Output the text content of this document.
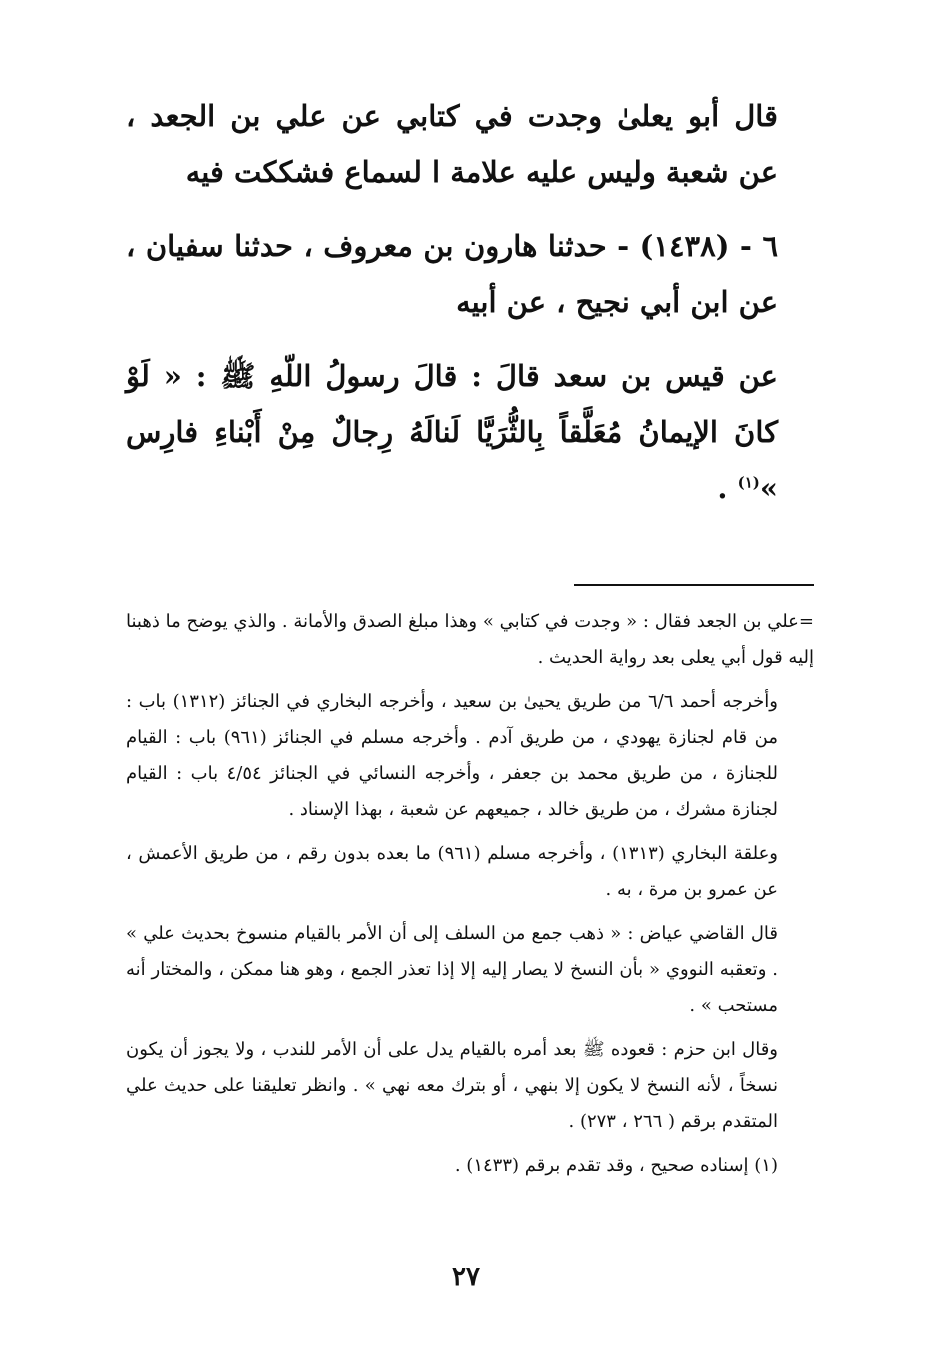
قال أبو يعلىٰ وجدت في كتابي عن علي بن الجعد ، عن شعبة وليس عليه علامة ا لسماع فشككت فيه
٦ - (١٤٣٨) - حدثنا هارون بن معروف ، حدثنا سفيان ، عن ابن أبي نجيح ، عن أبيه
عن قيس بن سعد قالَ : قالَ رسولُ اللّهِ ﷺ : « لَوْ كانَ الإيمانُ مُعَلَّقاً بِالثُّرَيَّا لَنالَهُ رِجالٌ مِنْ أَبْناءِ فارِس »$^{(١)}$ .
=علي بن الجعد فقال : « وجدت في كتابي » وهذا مبلغ الصدق والأمانة . والذي يوضح ما ذهبنا إليه قول أبي يعلى بعد رواية الحديث .
وأخرجه أحمد ٦/٦ من طريق يحيىٰ بن سعيد ، وأخرجه البخاري في الجنائز (١٣١٢) باب : من قام لجنازة يهودي ، من طريق آدم . وأخرجه مسلم في الجنائز (٩٦١) باب : القيام للجنازة ، من طريق محمد بن جعفر ، وأخرجه النسائي في الجنائز ٤/٥٤ باب : القيام لجنازة مشرك ، من طريق خالد ، جميعهم عن شعبة ، بهذا الإسناد .
وعلقة البخاري (١٣١٣) ، وأخرجه مسلم (٩٦١) ما بعده بدون رقم ، من طريق الأعمش ، عن عمرو بن مرة ، به .
قال القاضي عياض : « ذهب جمع من السلف إلى أن الأمر بالقيام منسوخ بحديث علي » . وتعقبه النووي « بأن النسخ لا يصار إليه إلا إذا تعذر الجمع ، وهو هنا ممكن ، والمختار أنه مستحب » .
وقال ابن حزم : قعوده ﷺ بعد أمره بالقيام يدل على أن الأمر للندب ، ولا يجوز أن يكون نسخاً ، لأنه النسخ لا يكون إلا بنهي ، أو بترك معه نهي » . وانظر تعليقنا على حديث علي المتقدم برقم ( ٢٦٦ ، ٢٧٣) .
(١) إسناده صحيح ، وقد تقدم برقم (١٤٣٣) .
٢٧
